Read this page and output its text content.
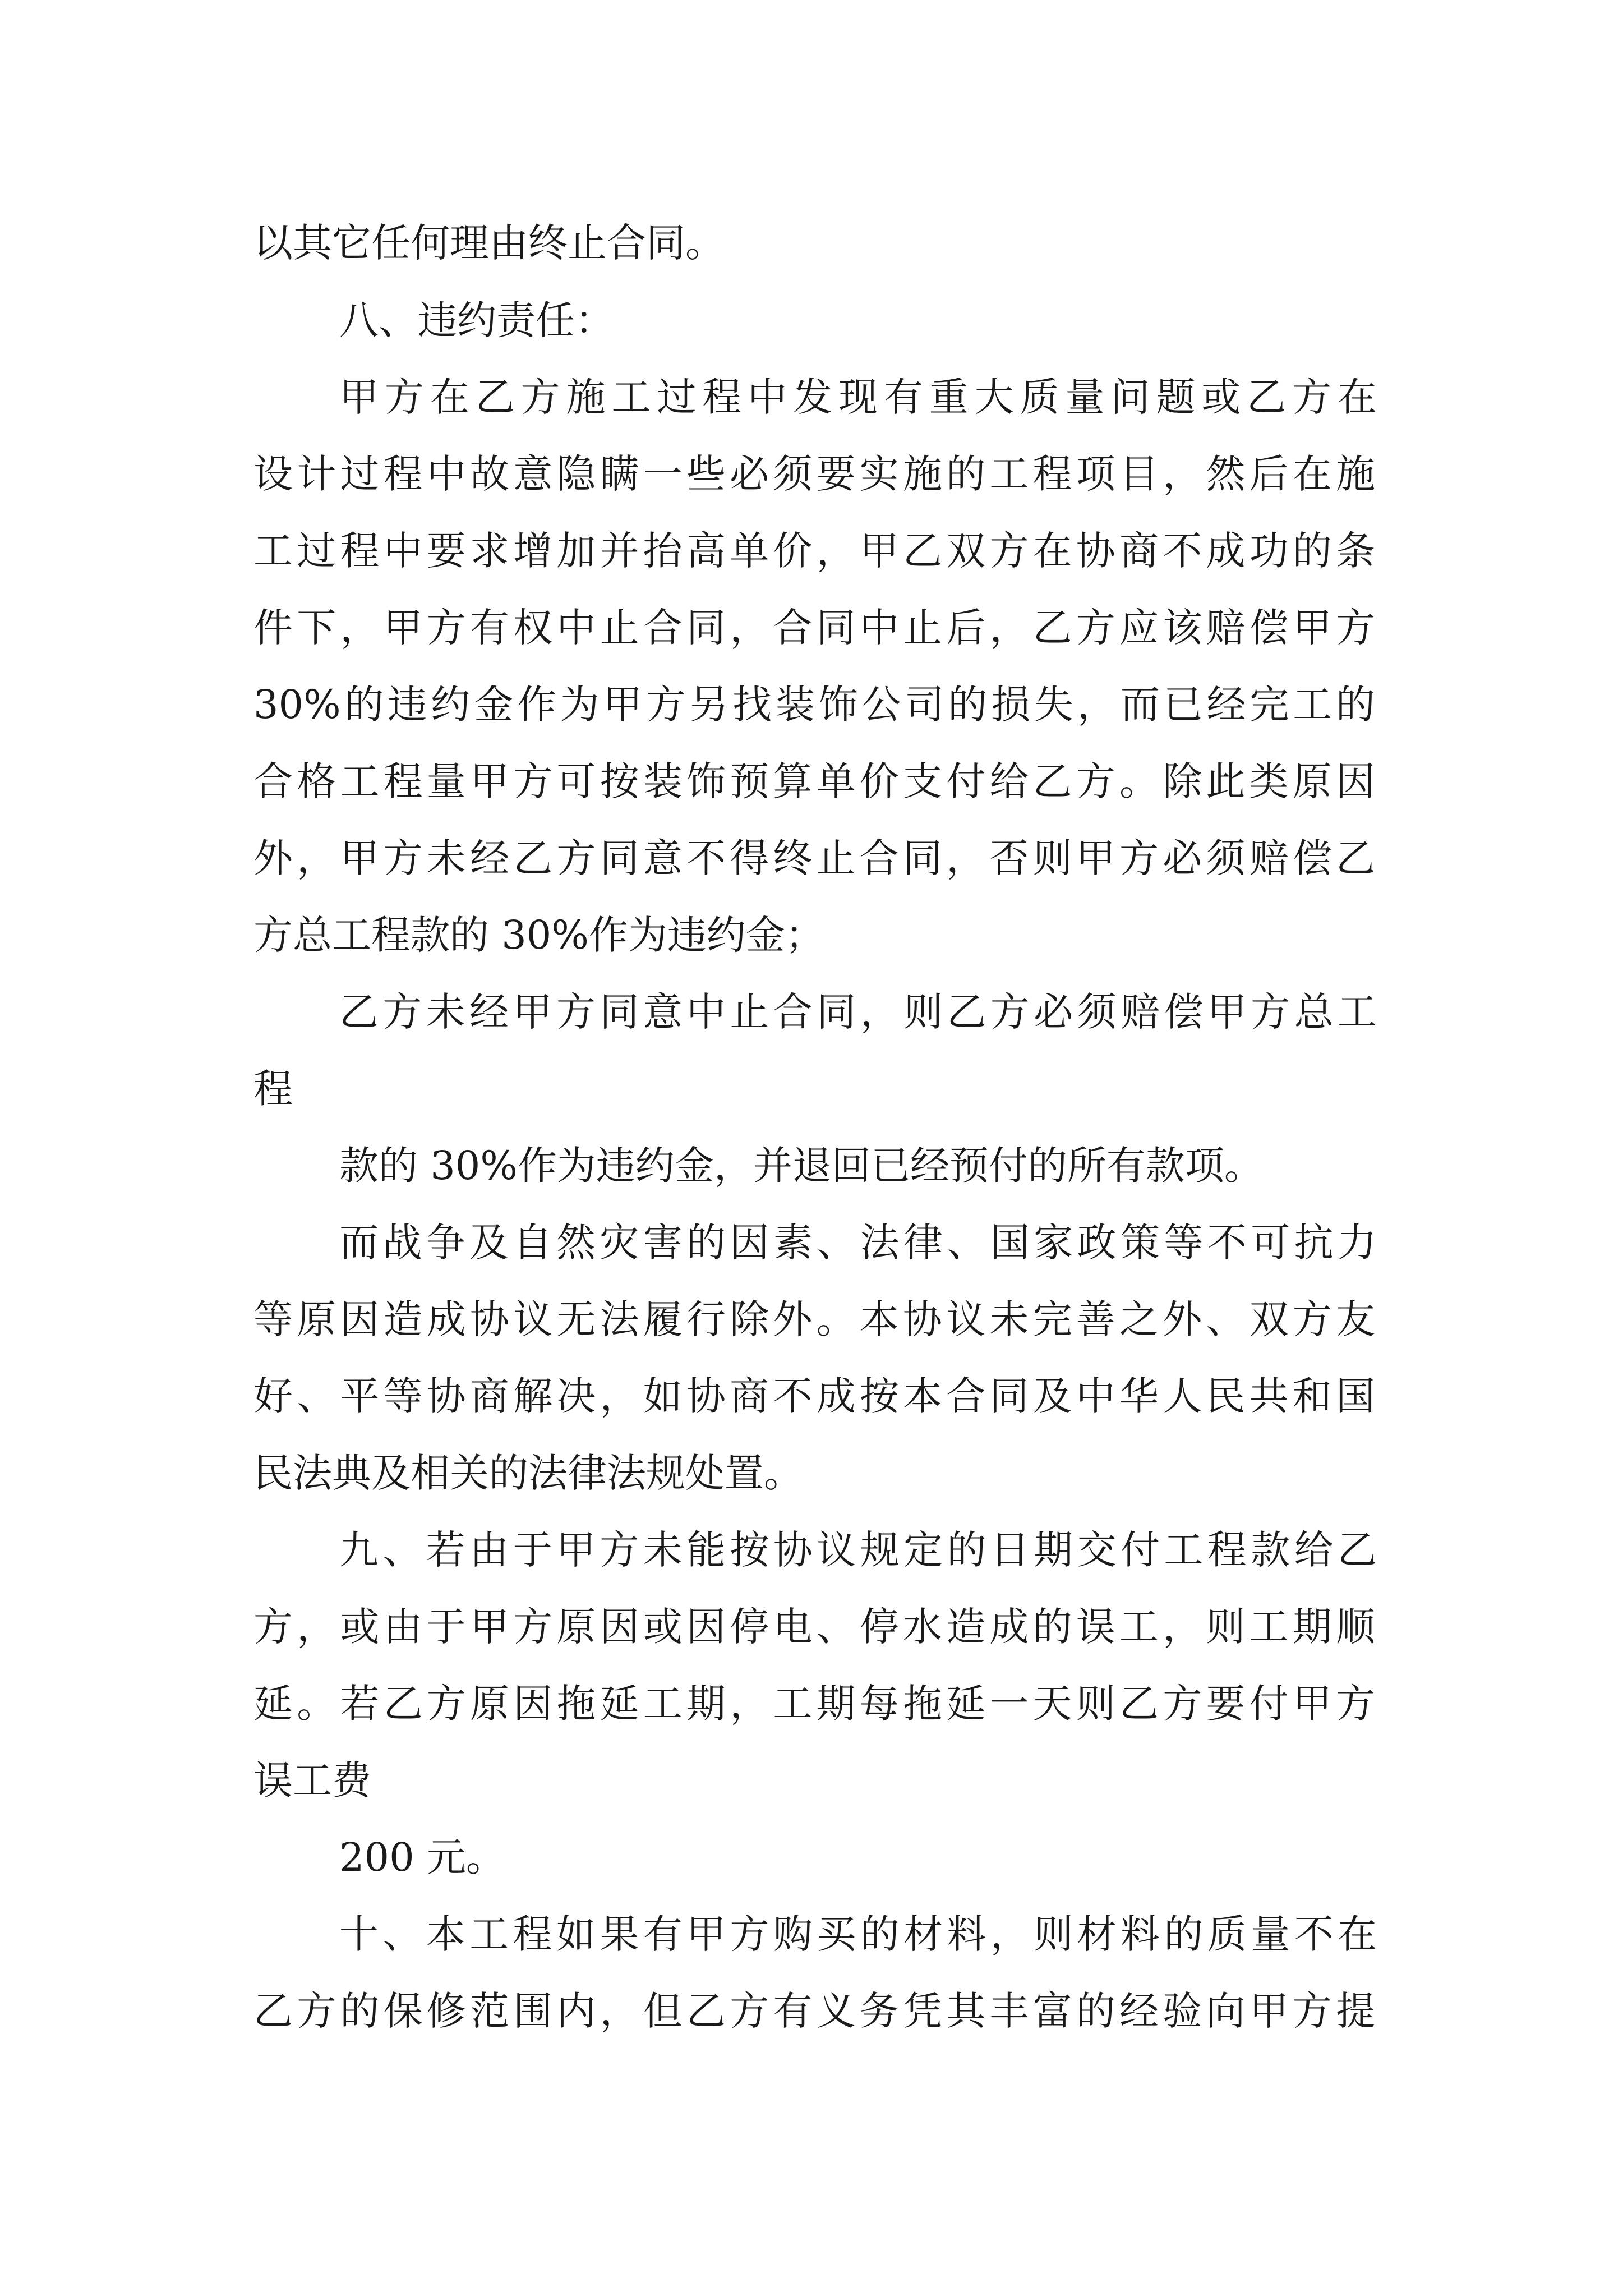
以其它任何理由终止合同。
八、违约责任：
甲方在乙方施工过程中发现有重大质量问题或乙方在
设计过程中故意隐瞒一些必须要实施的工程项目，然后在施
工过程中要求增加并抬高单价，甲乙双方在协商不成功的条
件下，甲方有权中止合同，合同中止后，乙方应该赔偿甲方
30%的违约金作为甲方另找装饰公司的损失，而已经完工的
合格工程量甲方可按装饰预算单价支付给乙方。除此类原因
外，甲方未经乙方同意不得终止合同，否则甲方必须赔偿乙
方总工程款的 30%作为违约金；
乙方未经甲方同意中止合同，则乙方必须赔偿甲方总工
程
款的 30%作为违约金，并退回已经预付的所有款项。
而战争及自然灾害的因素、法律、国家政策等不可抗力
等原因造成协议无法履行除外。本协议未完善之外、双方友
好、平等协商解决，如协商不成按本合同及中华人民共和国
民法典及相关的法律法规处置。
九、若由于甲方未能按协议规定的日期交付工程款给乙
方，或由于甲方原因或因停电、停水造成的误工，则工期顺
延。若乙方原因拖延工期，工期每拖延一天则乙方要付甲方
误工费
200 元。
十、本工程如果有甲方购买的材料，则材料的质量不在
乙方的保修范围内，但乙方有义务凭其丰富的经验向甲方提
